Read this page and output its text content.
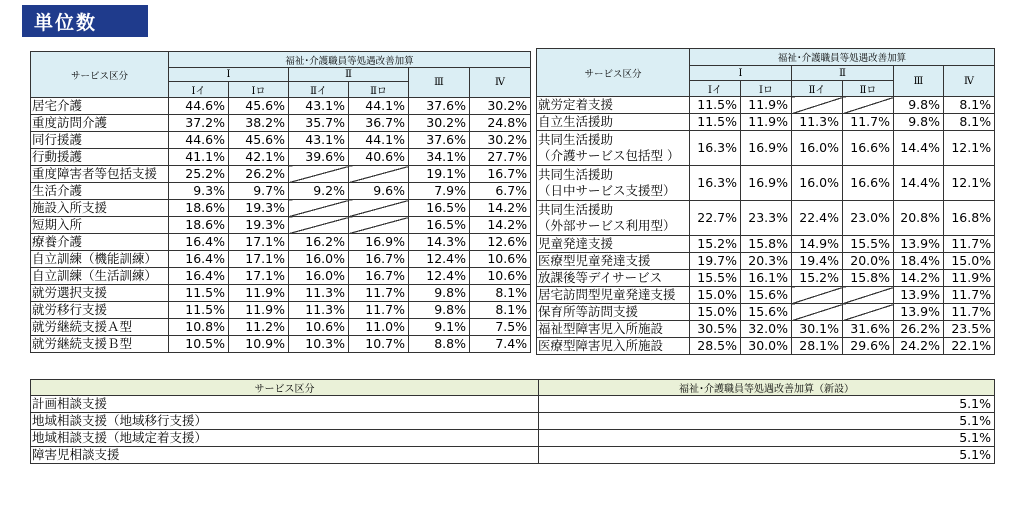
単位数
サービス区分	福祉･介護職員等処遇改善加算					
	Ⅰ		Ⅱ		Ⅲ	Ⅳ
	Ⅰイ	Ⅰロ	Ⅱイ	Ⅱロ		
居宅介護	44.6%	45.6%	43.1%	44.1%	37.6%	30.2%
重度訪問介護	37.2%	38.2%	35.7%	36.7%	30.2%	24.8%
同行援護	44.6%	45.6%	43.1%	44.1%	37.6%	30.2%
行動援護	41.1%	42.1%	39.6%	40.6%	34.1%	27.7%
重度障害者等包括支援	25.2%	26.2%			19.1%	16.7%
生活介護	9.3%	9.7%	9.2%	9.6%	7.9%	6.7%
施設入所支援	18.6%	19.3%			16.5%	14.2%
短期入所	18.6%	19.3%			16.5%	14.2%
療養介護	16.4%	17.1%	16.2%	16.9%	14.3%	12.6%
自立訓練（機能訓練）	16.4%	17.1%	16.0%	16.7%	12.4%	10.6%
自立訓練（生活訓練）	16.4%	17.1%	16.0%	16.7%	12.4%	10.6%
就労選択支援	11.5%	11.9%	11.3%	11.7%	9.8%	8.1%
就労移行支援	11.5%	11.9%	11.3%	11.7%	9.8%	8.1%
就労継続支援Ａ型	10.8%	11.2%	10.6%	11.0%	9.1%	7.5%
就労継続支援Ｂ型	10.5%	10.9%	10.3%	10.7%	8.8%	7.4%
サービス区分	福祉･介護職員等処遇改善加算					
	Ⅰ		Ⅱ		Ⅲ	Ⅳ
	Ⅰイ	Ⅰロ	Ⅱイ	Ⅱロ		
就労定着支援	11.5%	11.9%			9.8%	8.1%
自立生活援助	11.5%	11.9%	11.3%	11.7%	9.8%	8.1%
共同生活援助
（介護サービス包括型 ）	16.3%	16.9%	16.0%	16.6%	14.4%	12.1%
共同生活援助
（日中サービス支援型）	16.3%	16.9%	16.0%	16.6%	14.4%	12.1%
共同生活援助
（外部サービス利用型）	22.7%	23.3%	22.4%	23.0%	20.8%	16.8%
児童発達支援	15.2%	15.8%	14.9%	15.5%	13.9%	11.7%
医療型児童発達支援	19.7%	20.3%	19.4%	20.0%	18.4%	15.0%
放課後等デイサービス	15.5%	16.1%	15.2%	15.8%	14.2%	11.9%
居宅訪問型児童発達支援	15.0%	15.6%			13.9%	11.7%
保育所等訪問支援	15.0%	15.6%			13.9%	11.7%
福祉型障害児入所施設	30.5%	32.0%	30.1%	31.6%	26.2%	23.5%
医療型障害児入所施設	28.5%	30.0%	28.1%	29.6%	24.2%	22.1%
サービス区分	福祉･介護職員等処遇改善加算（新設）
計画相談支援	5.1%
地域相談支援（地域移行支援）	5.1%
地域相談支援（地域定着支援）	5.1%
障害児相談支援	5.1%
